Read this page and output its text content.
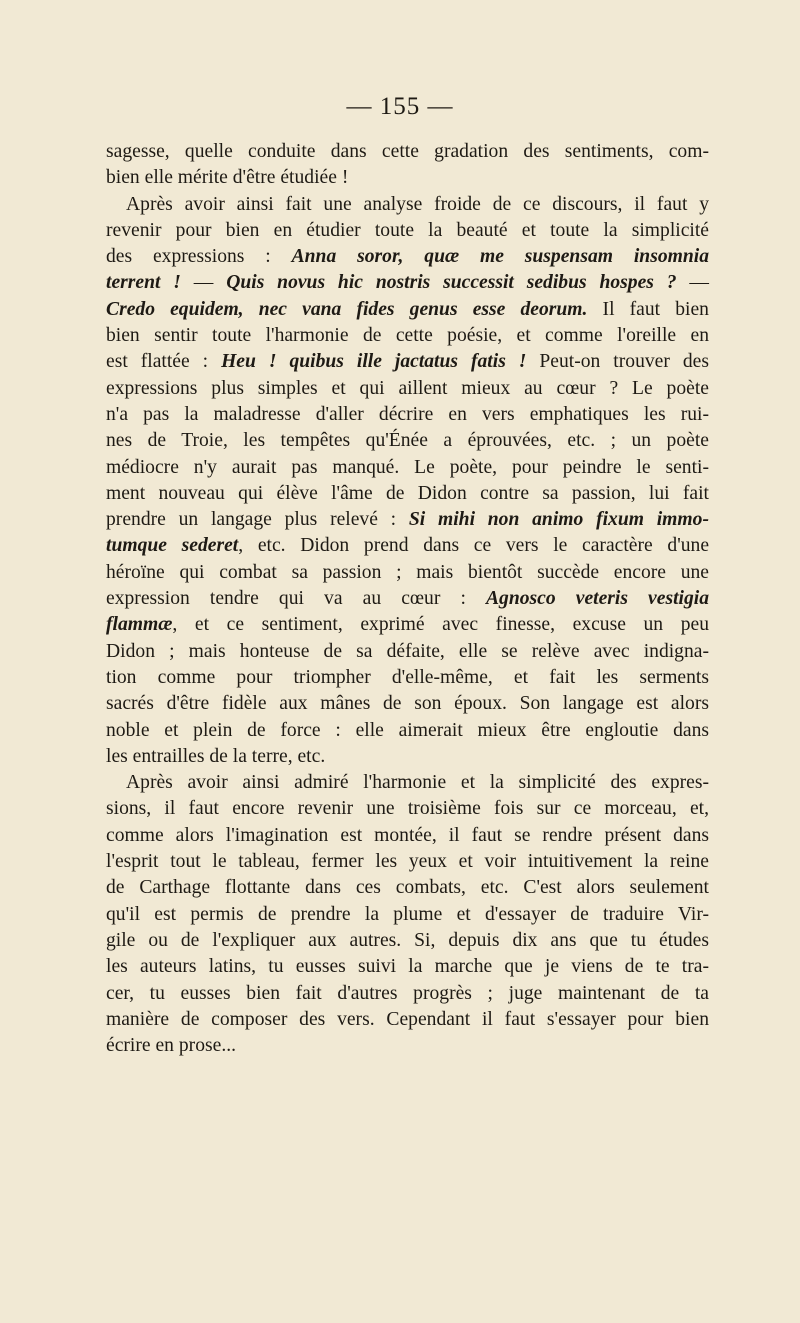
— 155 —
sagesse, quelle conduite dans cette gradation des sentiments, com-
bien elle mérite d'être étudiée !
Après avoir ainsi fait une analyse froide de ce discours, il faut y
revenir pour bien en étudier toute la beauté et toute la simplicité
des expressions : Anna soror, quæ me suspensam insomnia
terrent ! — Quis novus hic nostris successit sedibus hospes ? —
Credo equidem, nec vana fides genus esse deorum. Il faut bien
bien sentir toute l'harmonie de cette poésie, et comme l'oreille en
est flattée : Heu ! quibus ille jactatus fatis ! Peut-on trouver des
expressions plus simples et qui aillent mieux au cœur ? Le poète
n'a pas la maladresse d'aller décrire en vers emphatiques les rui-
nes de Troie, les tempêtes qu'Énée a éprouvées, etc. ; un poète
médiocre n'y aurait pas manqué. Le poète, pour peindre le senti-
ment nouveau qui élève l'âme de Didon contre sa passion, lui fait
prendre un langage plus relevé : Si mihi non animo fixum immo-
tumque sederet, etc. Didon prend dans ce vers le caractère d'une
héroïne qui combat sa passion ; mais bientôt succède encore une
expression tendre qui va au cœur : Agnosco veteris vestigia
flammæ, et ce sentiment, exprimé avec finesse, excuse un peu
Didon ; mais honteuse de sa défaite, elle se relève avec indigna-
tion comme pour triompher d'elle-même, et fait les serments
sacrés d'être fidèle aux mânes de son époux. Son langage est alors
noble et plein de force : elle aimerait mieux être engloutie dans
les entrailles de la terre, etc.
Après avoir ainsi admiré l'harmonie et la simplicité des expres-
sions, il faut encore revenir une troisième fois sur ce morceau, et,
comme alors l'imagination est montée, il faut se rendre présent dans
l'esprit tout le tableau, fermer les yeux et voir intuitivement la reine
de Carthage flottante dans ces combats, etc. C'est alors seulement
qu'il est permis de prendre la plume et d'essayer de traduire Vir-
gile ou de l'expliquer aux autres. Si, depuis dix ans que tu études
les auteurs latins, tu eusses suivi la marche que je viens de te tra-
cer, tu eusses bien fait d'autres progrès ; juge maintenant de ta
manière de composer des vers. Cependant il faut s'essayer pour bien
écrire en prose...
